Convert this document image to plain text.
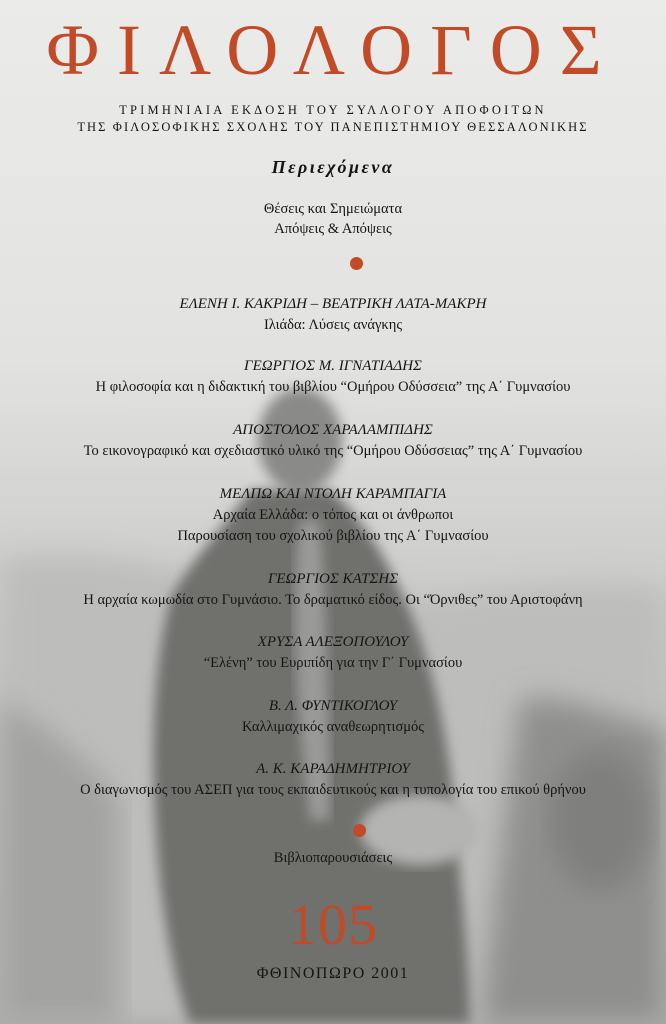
ΦΙΛΟΛΟΓΟΣ
ΤΡΙΜΗΝΙΑΙΑ ΕΚΔΟΣΗ ΤΟΥ ΣΥΛΛΟΓΟΥ ΑΠΟΦΟΙΤΩΝ
ΤΗΣ ΦΙΛΟΣΟΦΙΚΗΣ ΣΧΟΛΗΣ ΤΟΥ ΠΑΝΕΠΙΣΤΗΜΙΟΥ ΘΕΣΣΑΛΟΝΙΚΗΣ
Περιεχόμενα
Θέσεις και Σημειώματα
Απόψεις & Απόψεις
ΕΛΕΝΗ Ι. ΚΑΚΡΙΔΗ – ΒΕΑΤΡΙΚΗ ΛΑΤΑ-ΜΑΚΡΗ
Ιλιάδα: Λύσεις ανάγκης
ΓΕΩΡΓΙΟΣ Μ. ΙΓΝΑΤΙΑΔΗΣ
Η φιλοσοφία και η διδακτική του βιβλίου “Ομήρου Οδύσσεια” της Α΄ Γυμνασίου
ΑΠΟΣΤΟΛΟΣ ΧΑΡΑΛΑΜΠΙΔΗΣ
Το εικονογραφικό και σχεδιαστικό υλικό της “Ομήρου Οδύσσειας” της Α΄ Γυμνασίου
ΜΕΛΠΩ ΚΑΙ ΝΤΟΛΗ ΚΑΡΑΜΠΑΓΙΑ
Αρχαία Ελλάδα: ο τόπος και οι άνθρωποι
Παρουσίαση του σχολικού βιβλίου της Α΄ Γυμνασίου
ΓΕΩΡΓΙΟΣ ΚΑΤΣΗΣ
Η αρχαία κωμωδία στο Γυμνάσιο. Το δραματικό είδος. Οι “Όρνιθες” του Αριστοφάνη
ΧΡΥΣΑ ΑΛΕΞΟΠΟΥΛΟΥ
“Ελένη” του Ευριπίδη για την Γ΄ Γυμνασίου
Β. Λ. ΦΥΝΤΙΚΟΓΛΟΥ
Καλλιμαχικός αναθεωρητισμός
Α. Κ. ΚΑΡΑΔΗΜΗΤΡΙΟΥ
Ο διαγωνισμός του ΑΣΕΠ για τους εκπαιδευτικούς και η τυπολογία του επικού θρήνου
Βιβλιοπαρουσιάσεις
105
ΦΘΙΝΟΠΩΡΟ 2001
